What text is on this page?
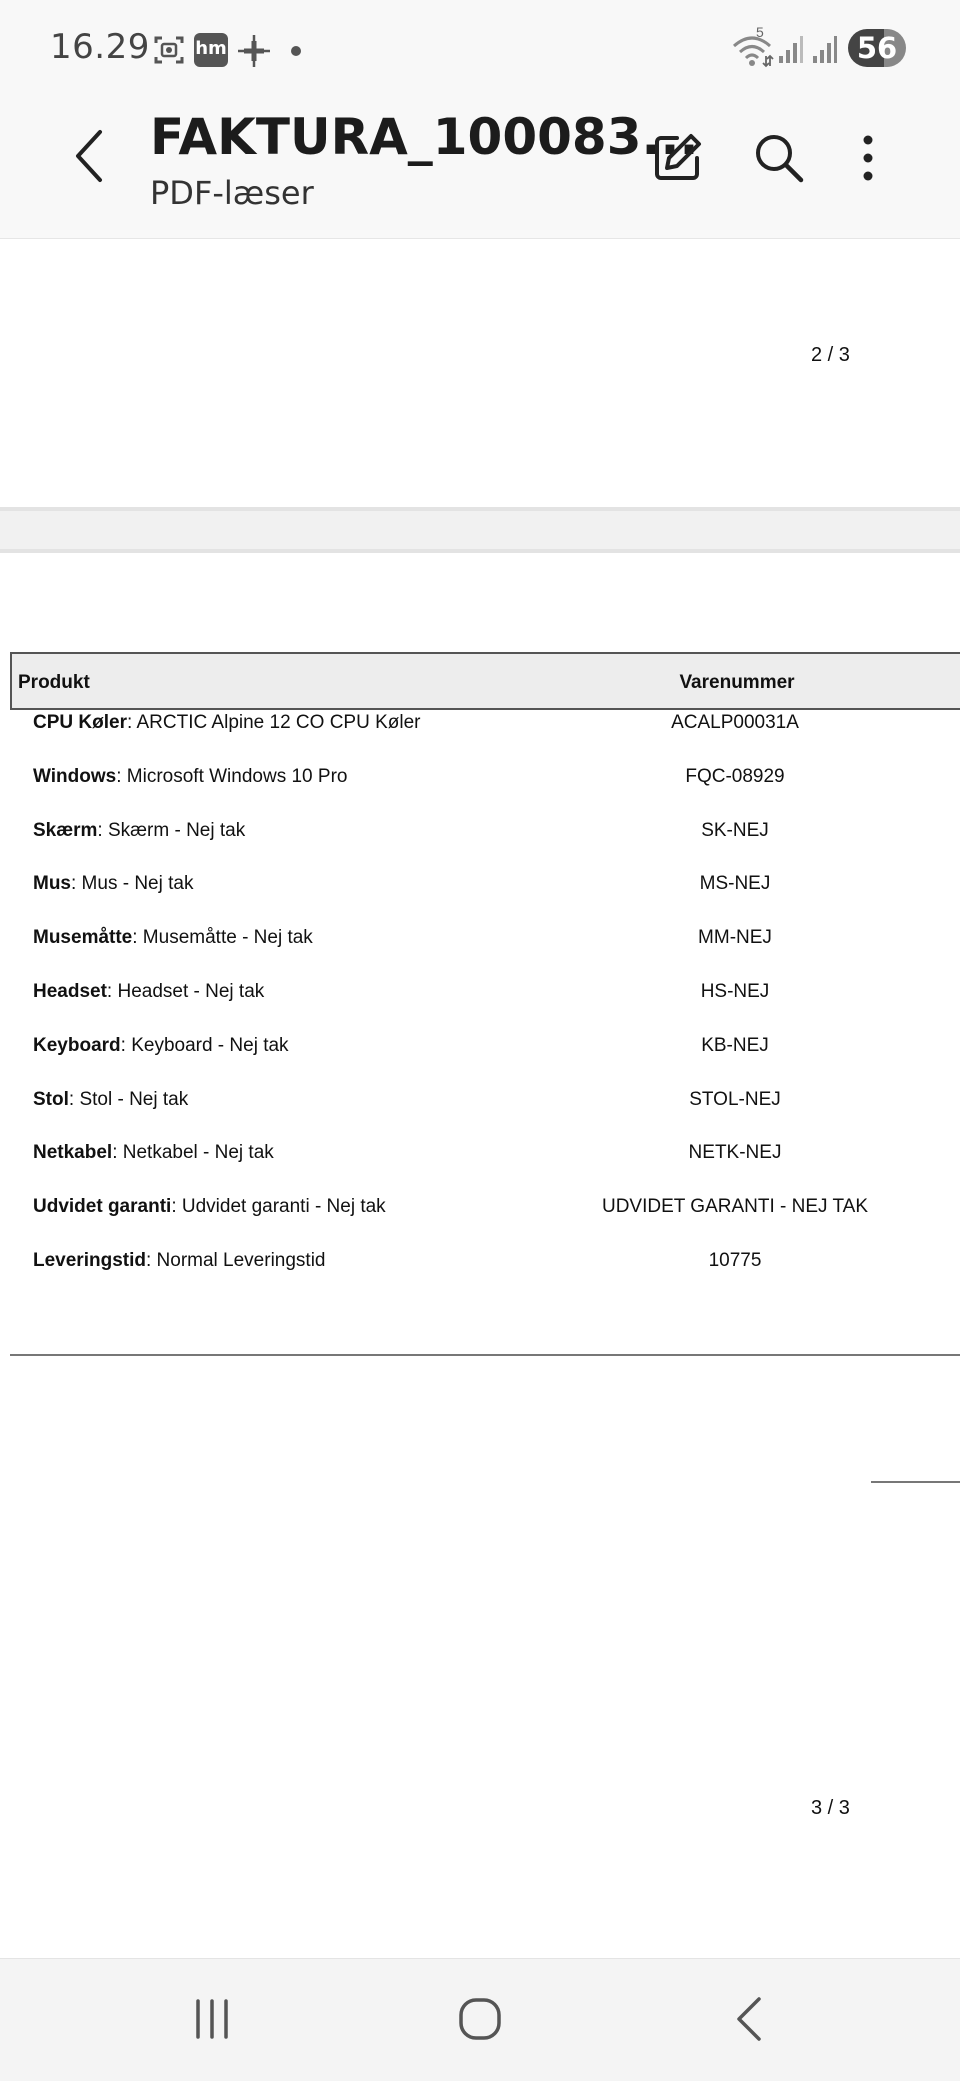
16.29	hm
5	56
FAKTURA_100083...
PDF-læser
2 / 3
Produkt	Varenummer
CPU Køler: ARCTIC Alpine 12 CO CPU Køler	ACALP00031A
Windows: Microsoft Windows 10 Pro	FQC-08929
Skærm: Skærm - Nej tak	SK-NEJ
Mus: Mus - Nej tak	MS-NEJ
Musemåtte: Musemåtte - Nej tak	MM-NEJ
Headset: Headset - Nej tak	HS-NEJ
Keyboard: Keyboard - Nej tak	KB-NEJ
Stol: Stol - Nej tak	STOL-NEJ
Netkabel: Netkabel - Nej tak	NETK-NEJ
Udvidet garanti: Udvidet garanti - Nej tak	UDVIDET GARANTI - NEJ TAK
Leveringstid: Normal Leveringstid	10775
3 / 3
